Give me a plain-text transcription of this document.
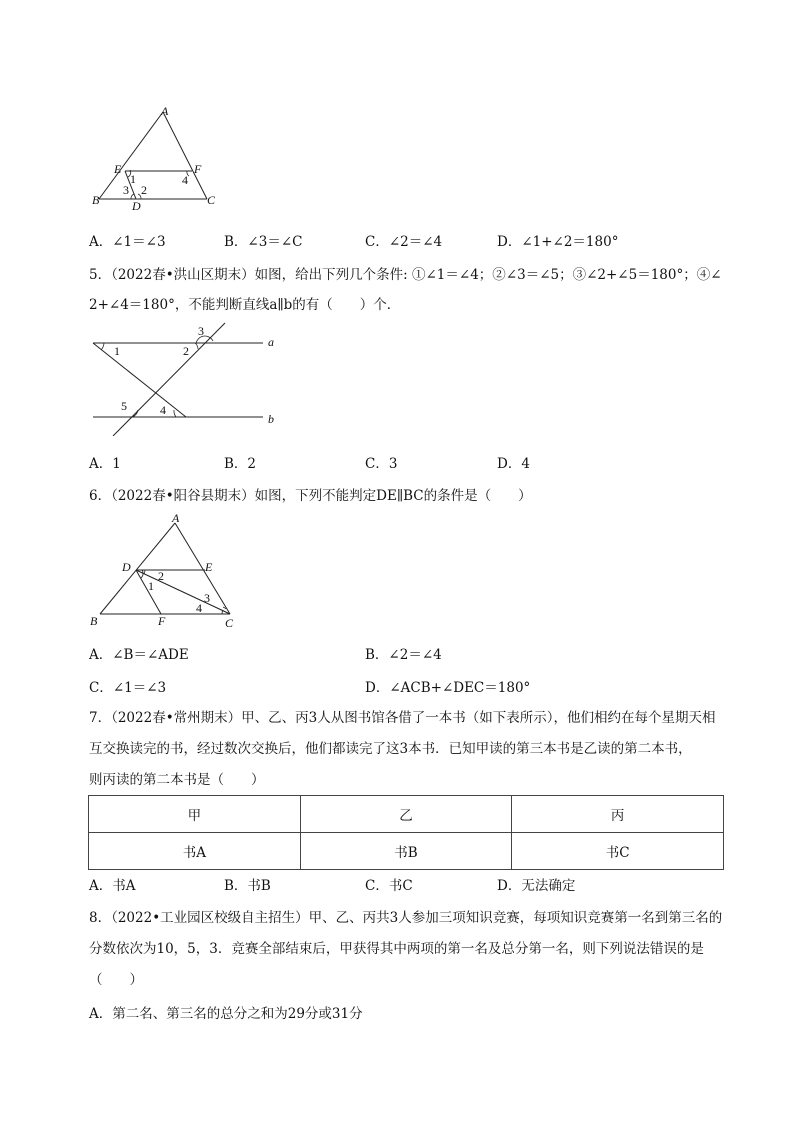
A
E	F
B	D	C
1
2
3
4
A．∠1＝∠3	B．∠3＝∠C	C．∠2＝∠4	D．∠1+∠2＝180°
5．（2022春•洪山区期末）如图，给出下列几个条件: ①∠1＝∠4；②∠3＝∠5；③∠2+∠5＝180°；④∠
2+∠4＝180°，不能判断直线a∥b的有（　　）个．
1	2
3
4
5
a
b
A．1	B．2	C．3	D．4
6．（2022春•阳谷县期末）如图，下列不能判定DE∥BC的条件是（　　）
A
D	E
B	F	C
1
2
3
4
A．∠B＝∠ADE	B．∠2＝∠4
C．∠1＝∠3	D．∠ACB+∠DEC＝180°
7．（2022春•常州期末）甲、乙、丙3人从图书馆各借了一本书（如下表所示），他们相约在每个星期天相
互交换读完的书，经过数次交换后，他们都读完了这3本书．已知甲读的第三本书是乙读的第二本书，
则丙读的第二本书是（　　）
甲	乙	丙
书A	书B	书C
A．书A	B．书B	C．书C	D．无法确定
8．（2022•工业园区校级自主招生）甲、乙、丙共3人参加三项知识竞赛，每项知识竞赛第一名到第三名的
分数依次为10，5，3．竞赛全部结束后，甲获得其中两项的第一名及总分第一名，则下列说法错误的是
（　　）
A．第二名、第三名的总分之和为29分或31分
